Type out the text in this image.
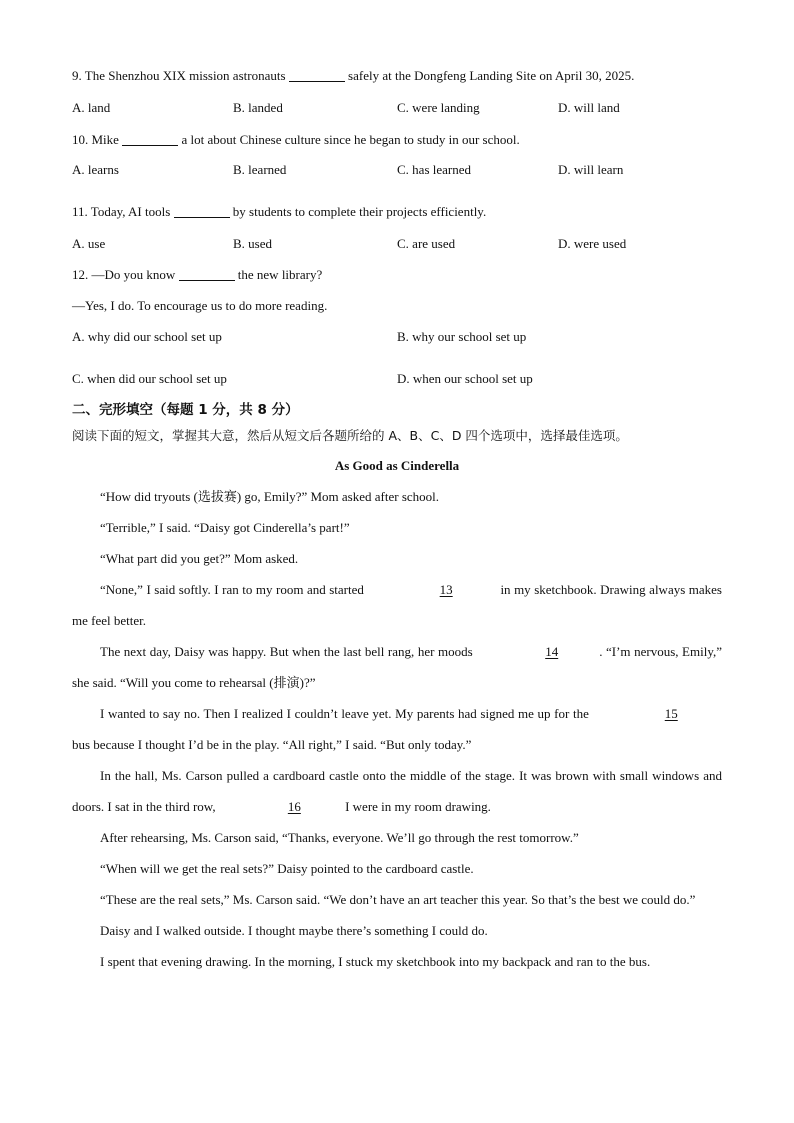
9. The Shenzhou XIX mission astronauts	safely at the Dongfeng Landing Site on April 30, 2025.
A. land	B. landed	C. were landing	D. will land
10. Mike	a lot about Chinese culture since he began to study in our school.
A. learns	B. learned	C. has learned	D. will learn
11. Today, AI tools	by students to complete their projects efficiently.
A. use	B. used	C. are used	D. were used
12. —Do you know	the new library?
—Yes, I do. To encourage us to do more reading.
A. why did our school set up	B. why our school set up
C. when did our school set up	D. when our school set up
二、完形填空（每题 1 分，共 8 分）
阅读下面的短文，掌握其大意，然后从短文后各题所给的 A、B、C、D 四个选项中，选择最佳选项。
As Good as Cinderella

“How did tryouts (选拔赛) go, Emily?” Mom asked after school.

“Terrible,” I said. “Daisy got Cinderella’s part!”

“What part did you get?” Mom asked.

“None,” I said softly. I ran to my room and started	13	in my sketchbook. Drawing always makes me feel better.

The next day, Daisy was happy. But when the last bell rang, her moods	14	. “I’m nervous, Emily,” she said. “Will you come to rehearsal (排演)?”

I wanted to say no. Then I realized I couldn’t leave yet. My parents had signed me up for the	15      bus because I thought I’d be in the play. “All right,” I said. “But only today.”

In the hall, Ms. Carson pulled a cardboard castle onto the middle of the stage. It was brown with small windows and doors. I sat in the third row,	16	I were in my room drawing.

After rehearsing, Ms. Carson said, “Thanks, everyone. We’ll go through the rest tomorrow.”

“When will we get the real sets?” Daisy pointed to the cardboard castle.

“These are the real sets,” Ms. Carson said. “We don’t have an art teacher this year. So that’s the best we could do.”

Daisy and I walked outside. I thought maybe there’s something I could do.

I spent that evening drawing. In the morning, I stuck my sketchbook into my backpack and ran to the bus.
